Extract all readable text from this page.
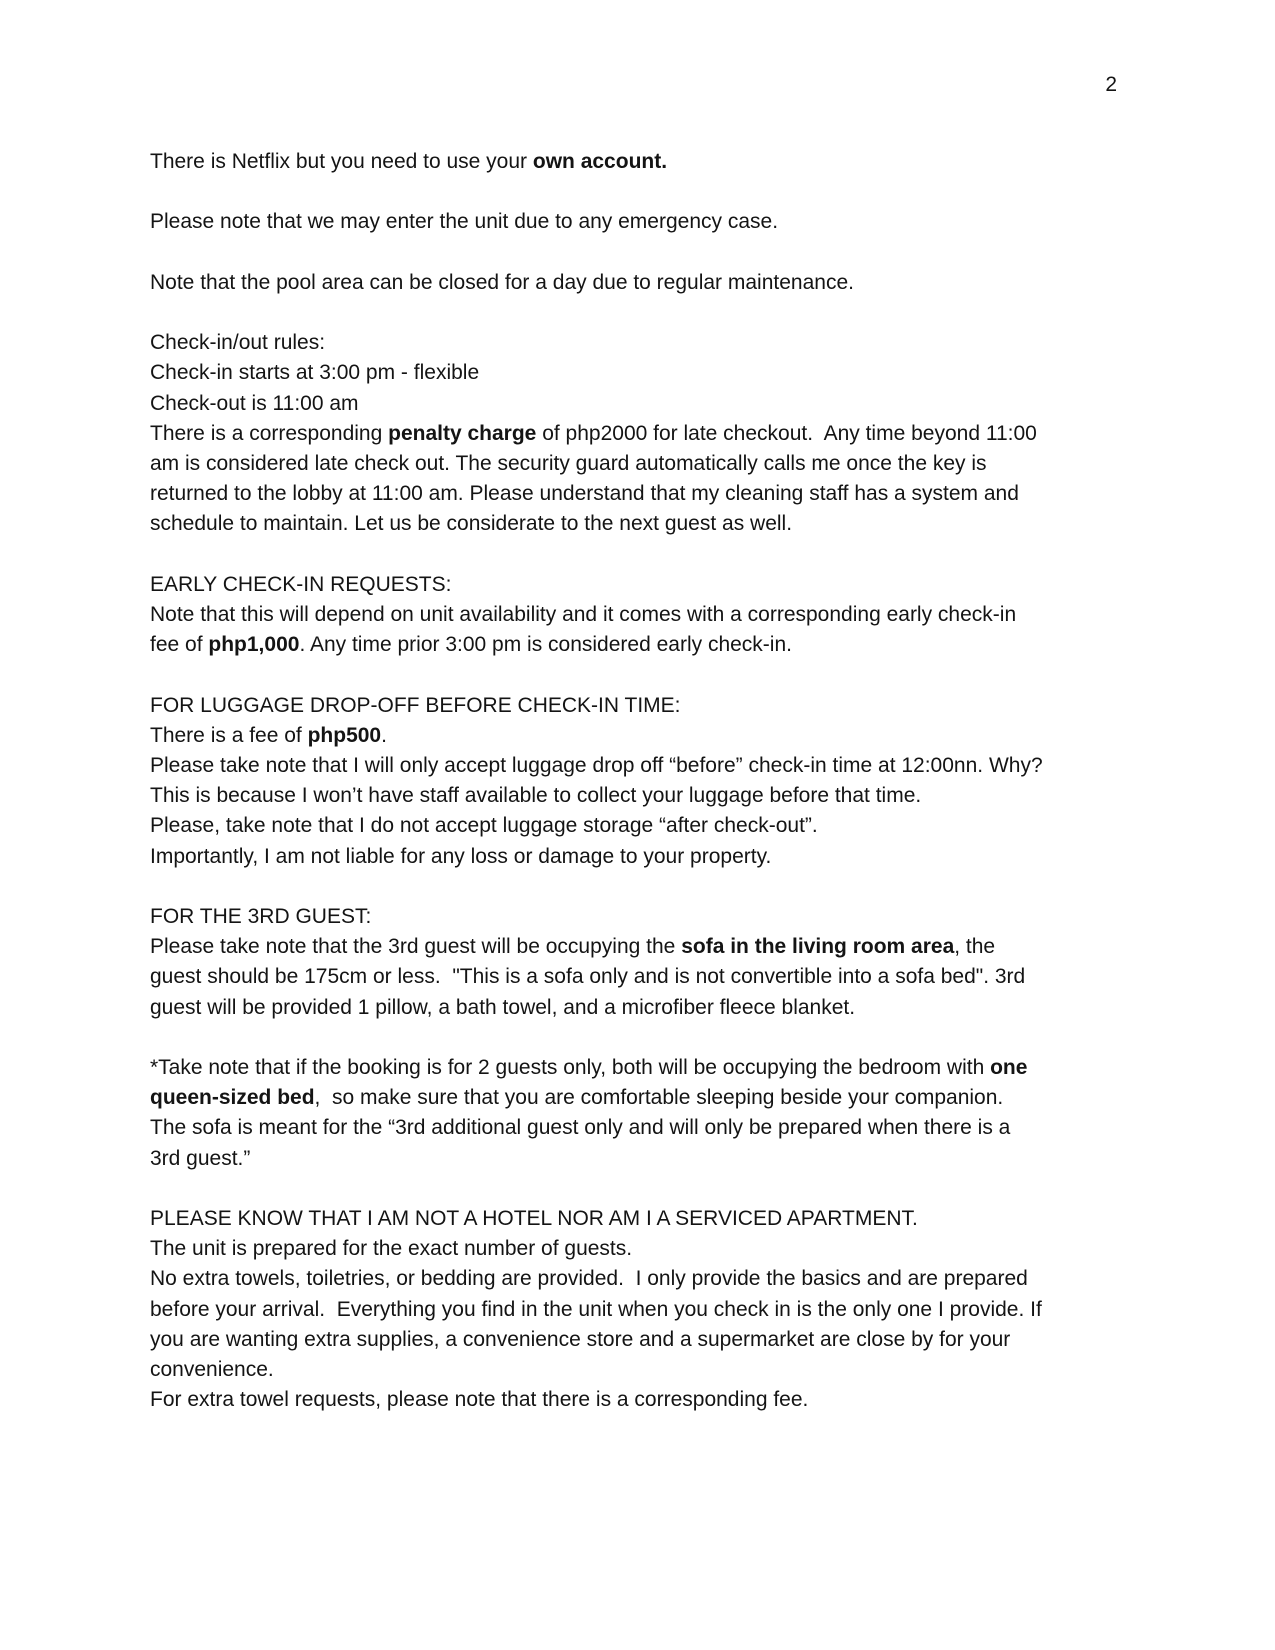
2
There is Netflix but you need to use your own account.
Please note that we may enter the unit due to any emergency case.
Note that the pool area can be closed for a day due to regular maintenance.
Check-in/out rules:
Check-in starts at 3:00 pm - flexible
Check-out is 11:00 am
There is a corresponding penalty charge of php2000 for late checkout.  Any time beyond 11:00
am is considered late check out. The security guard automatically calls me once the key is
returned to the lobby at 11:00 am. Please understand that my cleaning staff has a system and
schedule to maintain. Let us be considerate to the next guest as well.
EARLY CHECK-IN REQUESTS:
Note that this will depend on unit availability and it comes with a corresponding early check-in
fee of php1,000. Any time prior 3:00 pm is considered early check-in.
FOR LUGGAGE DROP-OFF BEFORE CHECK-IN TIME:
There is a fee of php500.
Please take note that I will only accept luggage drop off “before” check-in time at 12:00nn. Why?
This is because I won’t have staff available to collect your luggage before that time.
Please, take note that I do not accept luggage storage “after check-out”.
Importantly, I am not liable for any loss or damage to your property.
FOR THE 3RD GUEST:
Please take note that the 3rd guest will be occupying the sofa in the living room area, the
guest should be 175cm or less.  "This is a sofa only and is not convertible into a sofa bed". 3rd
guest will be provided 1 pillow, a bath towel, and a microfiber fleece blanket.
*Take note that if the booking is for 2 guests only, both will be occupying the bedroom with one
queen-sized bed,  so make sure that you are comfortable sleeping beside your companion.
The sofa is meant for the “3rd additional guest only and will only be prepared when there is a
3rd guest.”
PLEASE KNOW THAT I AM NOT A HOTEL NOR AM I A SERVICED APARTMENT.
The unit is prepared for the exact number of guests.
No extra towels, toiletries, or bedding are provided.  I only provide the basics and are prepared
before your arrival.  Everything you find in the unit when you check in is the only one I provide. If
you are wanting extra supplies, a convenience store and a supermarket are close by for your
convenience.
For extra towel requests, please note that there is a corresponding fee.
